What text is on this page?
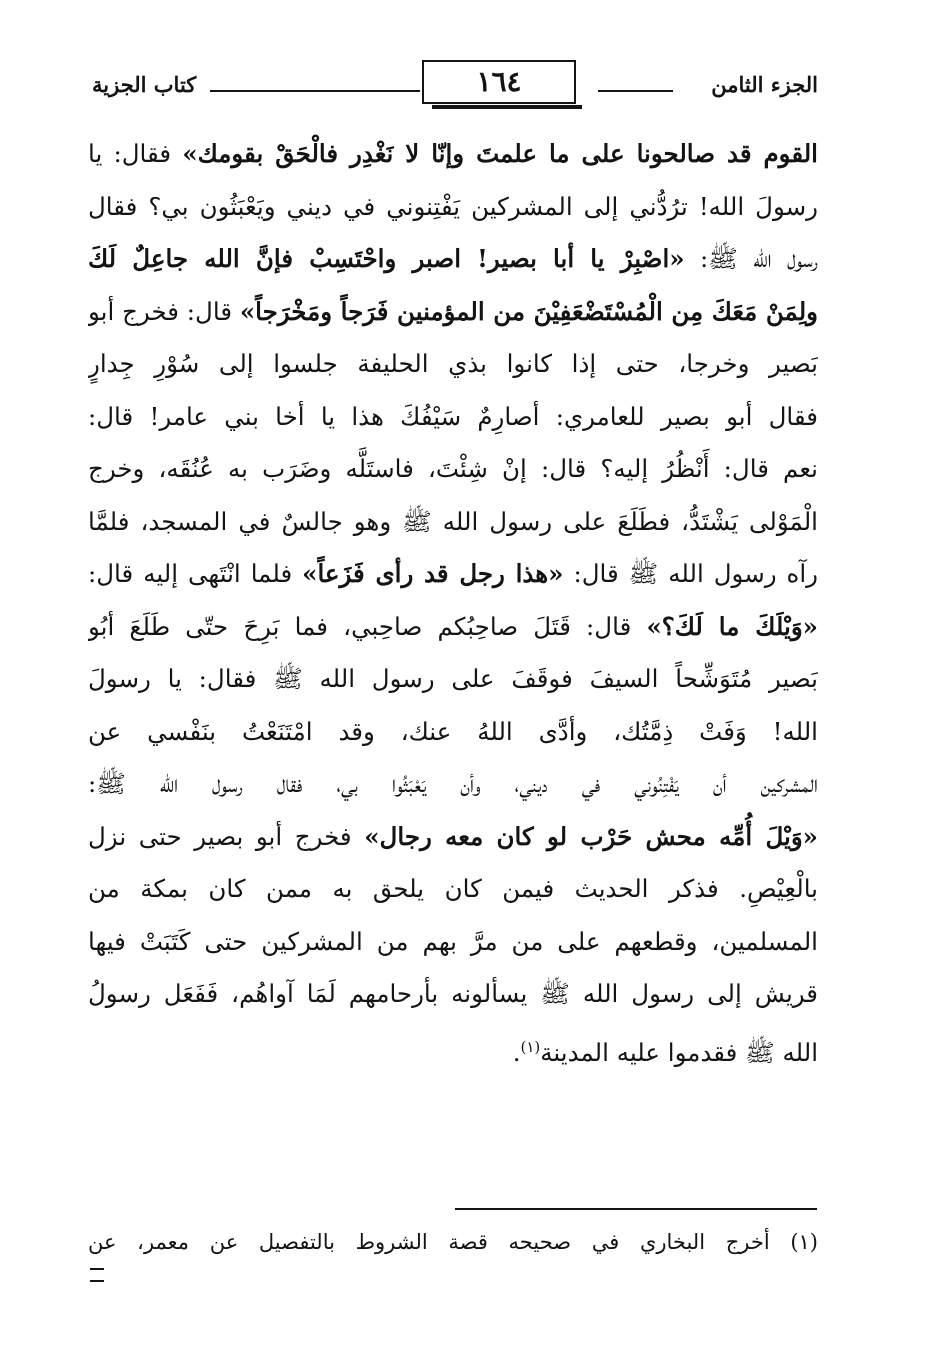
الجزء الثامن
١٦٤
كتاب الجزية
القوم قد صالحونا على ما علمتَ وإنّا لا نَغْدِر فالْحَقْ بقومك» فقال: يا
رسولَ الله! ترُدُّني إلى المشركين يَفْتِنوني في ديني ويَعْبَثُون بي؟ فقال
رسول الله ﷺ: «اصْبِرْ يا أبا بصير! اصبر واحْتَسِبْ فإنَّ الله جاعِلٌ لَكَ
ولِمَنْ مَعَكَ مِن الْمُسْتَضْعَفِيْنَ من المؤمنين فَرَجاً ومَخْرَجاً» قال: فخرج أبو
بَصير وخرجا، حتى إذا كانوا بذي الحليفة جلسوا إلى سُوْرِ جِدارٍ
فقال أبو بصير للعامري: أصارِمٌ سَيْفُكَ هذا يا أخا بني عامر! قال:
نعم قال: أَنْظُرُ إليه؟ قال: إنْ شِئْتَ، فاستَلَّه وضَرَب به عُنُقَه، وخرج
الْمَوْلى يَشْتَدُّ، فطَلَعَ على رسول الله ﷺ وهو جالسٌ في المسجد، فلمَّا
رآه رسول الله ﷺ قال: «هذا رجل قد رأى فَزَعاً» فلما انْتَهى إليه قال:
«وَيْلَكَ ما لَكَ؟» قال: قَتَلَ صاحِبُكم صاحِبي، فما بَرِحَ حتّى طَلَعَ أبُو
بَصير مُتَوَشِّحاً السيفَ فوقَفَ على رسول الله ﷺ فقال: يا رسولَ
الله! وَفَتْ ذِمَّتُك، وأدَّى اللهُ عنك، وقد امْتَنَعْتُ بنَفْسي عن
المشركين أن يَفْتِنُوني في ديني، وأن يَعْبَثُوا بي، فقال رسول الله ﷺ:
«وَيْلَ أُمِّه محش حَرْب لو كان معه رجال» فخرج أبو بصير حتى نزل
بالْعِيْصِ. فذكر الحديث فيمن كان يلحق به ممن كان بمكة من
المسلمين، وقطعهم على من مرَّ بهم من المشركين حتى كَتَبَتْ فيها
قريش إلى رسول الله ﷺ يسألونه بأرحامهم لَمَا آواهُم، فَفَعَل رسولُ
الله ﷺ فقدموا عليه المدينة$^{(١)}$.
(١) أخرج البخاري في صحيحه قصة الشروط بالتفصيل عن معمر، عن
